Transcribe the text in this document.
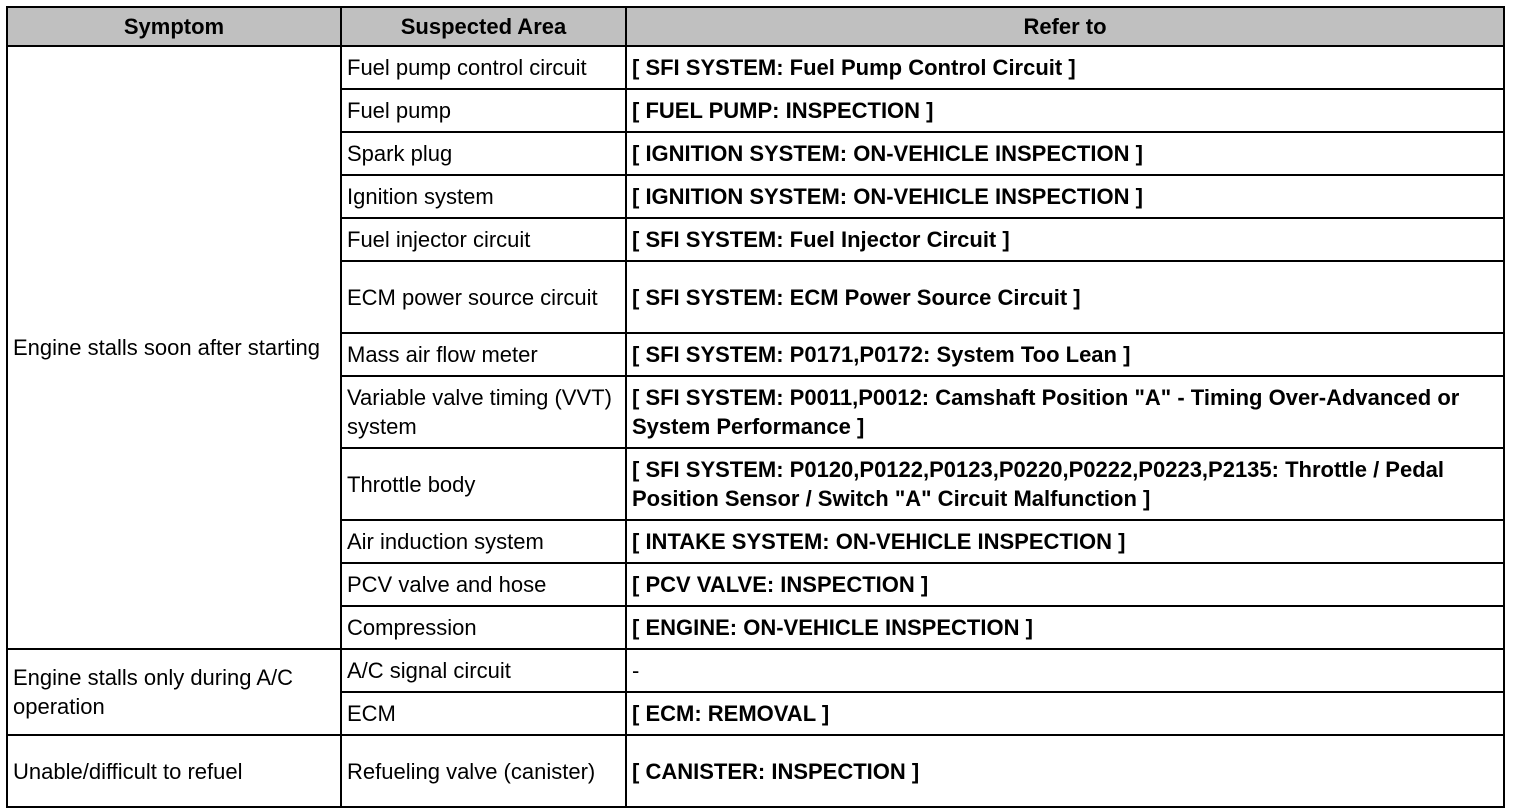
Symptom	Suspected Area	Refer to
Engine stalls soon after starting	Fuel pump control circuit	[ SFI SYSTEM: Fuel Pump Control Circuit ]
	Fuel pump	[ FUEL PUMP: INSPECTION ]
	Spark plug	[ IGNITION SYSTEM: ON-VEHICLE INSPECTION ]
	Ignition system	[ IGNITION SYSTEM: ON-VEHICLE INSPECTION ]
	Fuel injector circuit	[ SFI SYSTEM: Fuel Injector Circuit ]
	ECM power source circuit	[ SFI SYSTEM: ECM Power Source Circuit ]
	Mass air flow meter	[ SFI SYSTEM: P0171,P0172: System Too Lean ]
	Variable valve timing (VVT) system	[ SFI SYSTEM: P0011,P0012: Camshaft Position "A" - Timing Over-Advanced or System Performance ]
	Throttle body	[ SFI SYSTEM: P0120,P0122,P0123,P0220,P0222,P0223,P2135: Throttle / Pedal Position Sensor / Switch "A" Circuit Malfunction ]
	Air induction system	[ INTAKE SYSTEM: ON-VEHICLE INSPECTION ]
	PCV valve and hose	[ PCV VALVE: INSPECTION ]
	Compression	[ ENGINE: ON-VEHICLE INSPECTION ]
Engine stalls only during A/C operation	A/C signal circuit	-
	ECM	[ ECM: REMOVAL ]
Unable/difficult to refuel	Refueling valve (canister)	[ CANISTER: INSPECTION ]
